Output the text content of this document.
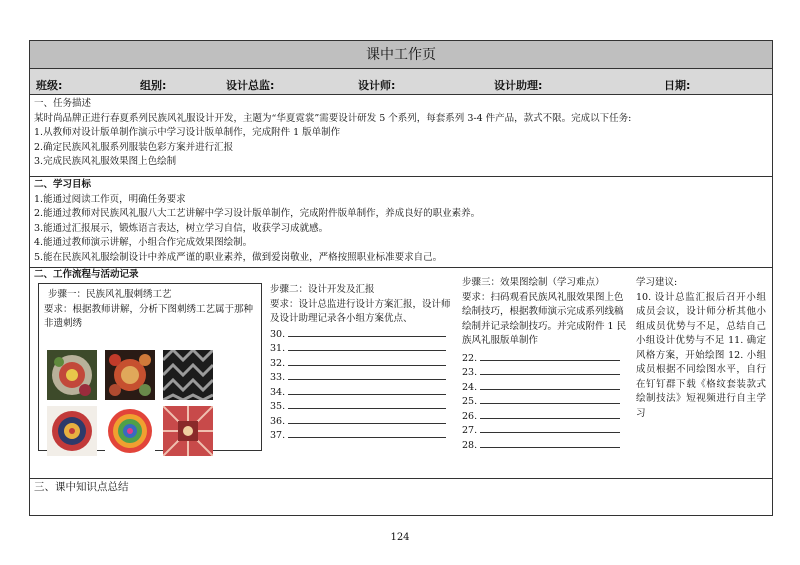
课中工作页
班级:	组别:	设计总监:	设计师:	设计助理:	日期:

一、任务描述

某时尚品牌正进行春夏系列民族风礼服设计开发，主题为“华夏霓裳”需要设计研发 5 个系列，每套系列 3-4 件产品，款式不限。完成以下任务:

1.从教师对设计版单制作演示中学习设计版单制作，完成附件 1 版单制作

2.确定民族风礼服系列服装色彩方案并进行汇报

3.完成民族风礼服效果图上色绘制

二、学习目标

1.能通过阅读工作页，明确任务要求

2.能通过教师对民族风礼服八大工艺讲解中学习设计版单制作，完成附件版单制作，养成良好的职业素养。

3.能通过汇报展示，锻炼语言表达，树立学习自信，收获学习成就感。

4.能通过教师演示讲解，小组合作完成效果图绘制。

5.能在民族风礼服绘制设计中养成严谨的职业素养，做到爱岗敬业，严格按照职业标准要求自己。

二、工作流程与活动记录

步骤一：民族风礼服刺绣工艺
要求：根据教师讲解，分析下图刺绣工艺属于那种非遗刺绣
步骤二：设计开发及汇报
要求：设计总监进行设计方案汇报，设计师及设计助理记录各小组方案优点、
30.
31.
32.
33.
34.
35.
36.
37.
步骤三：效果图绘制（学习难点）
要求：扫码观看民族风礼服效果图上色绘制技巧，根据教师演示完成系列线稿绘制并记录绘制技巧。并完成附件 1 民族风礼服版单制作
22.
23.
24.
25.
26.
27.
28.
学习建议:
10. 设计总监汇报后召开小组成员会议，设计师分析其他小组成员优势与不足，总结自己小组设计优势与不足 11. 确定风格方案，开始绘图 12. 小组成员根据不同绘图水平，自行在钉钉群下载《格纹套装款式绘制技法》短视频进行自主学习

三、课中知识点总结

124
